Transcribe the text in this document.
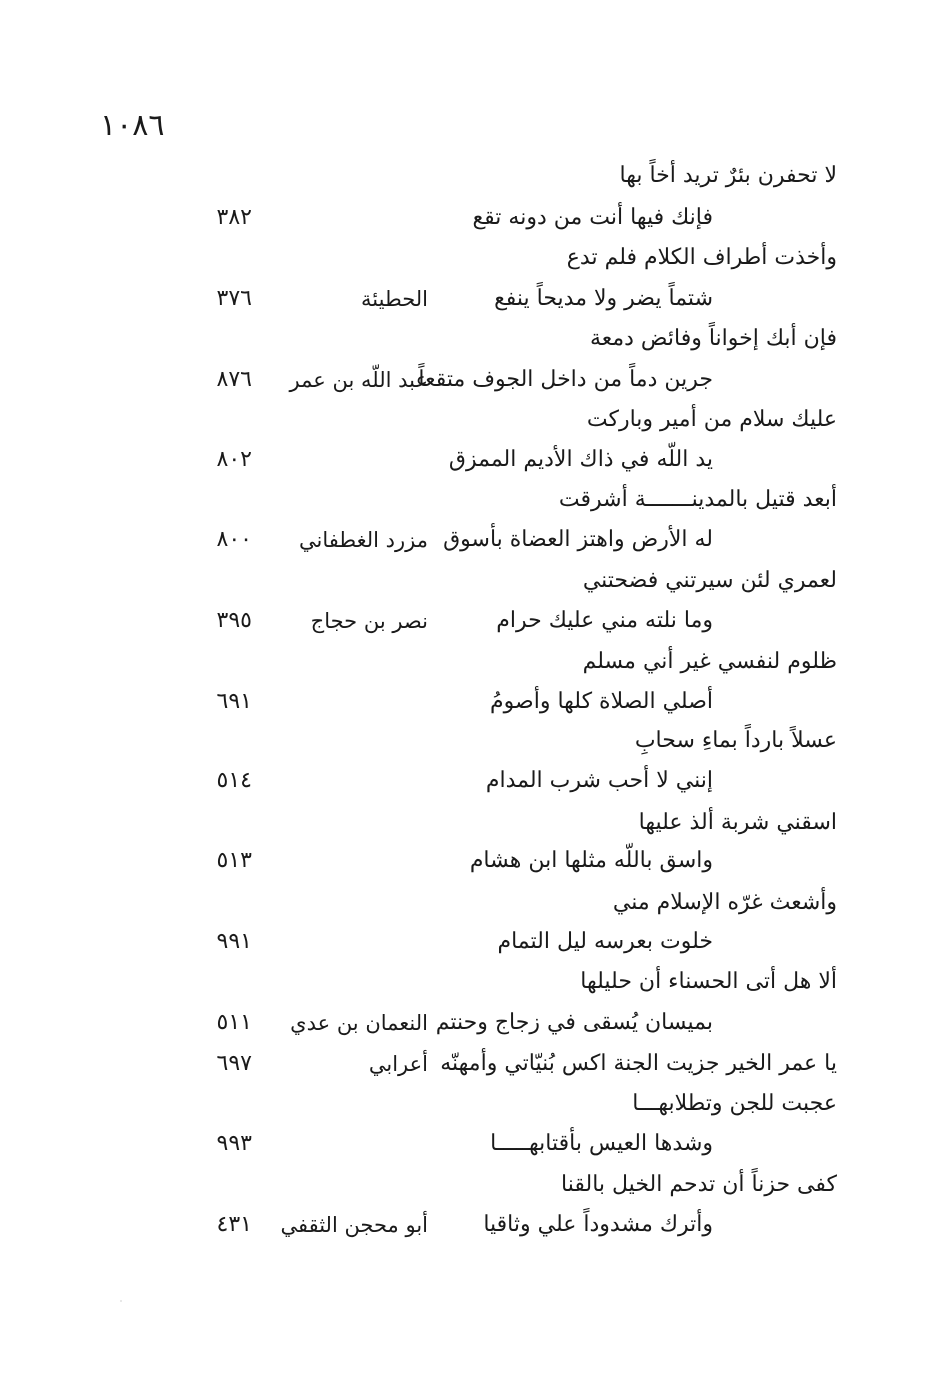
١٠٨٦
لا تحفرن بئرٌ تريد أخاً بها
فإنك فيها أنت من دونه تقع
٣٨٢
وأخذت أطراف الكلام فلم تدع
شتماً يضر ولا مديحاً ينفع
الحطيئة
٣٧٦
فإن أبك إخواناً وفائض دمعة
جرين دماً من داخل الجوف متقعاً
عبد اللّه بن عمر
٨٧٦
عليك سلام من أمير وباركت
يد اللّه في ذاك الأديم الممزق
٨٠٢
أبعد قتيل بالمدينـــــــة أشرقت
له الأرض واهتز العضاة بأسوق
مزرد الغطفاني
٨٠٠
لعمري لئن سيرتني فضحتني
وما نلته مني عليك حرام
نصر بن حجاج
٣٩٥
ظلوم لنفسي غير أني مسلم
أصلي الصلاة كلها وأصومُ
٦٩١
عسلاً بارداً بماءِ سحابِ
إنني لا أحب شرب المدام
٥١٤
اسقني شربة ألذ عليها
واسق باللّه مثلها ابن هشام
٥١٣
وأشعث غرّه الإسلام مني
خلوت بعرسه ليل التمام
٩٩١
ألا هل أتى الحسناء أن حليلها
بميسان يُسقى في زجاج وحنتم
النعمان بن عدي
٥١١
يا عمر الخير جزيت الجنة اكس بُنيّاتي وأمهنّه
أعرابي
٦٩٧
عجبت للجن وتطلابهـــا
وشدها العيس بأقتابهـــــا
٩٩٣
كفى حزناً أن تدحم الخيل بالقنا
وأترك مشدوداً علي وثاقيا
أبو محجن الثقفي
٤٣١
